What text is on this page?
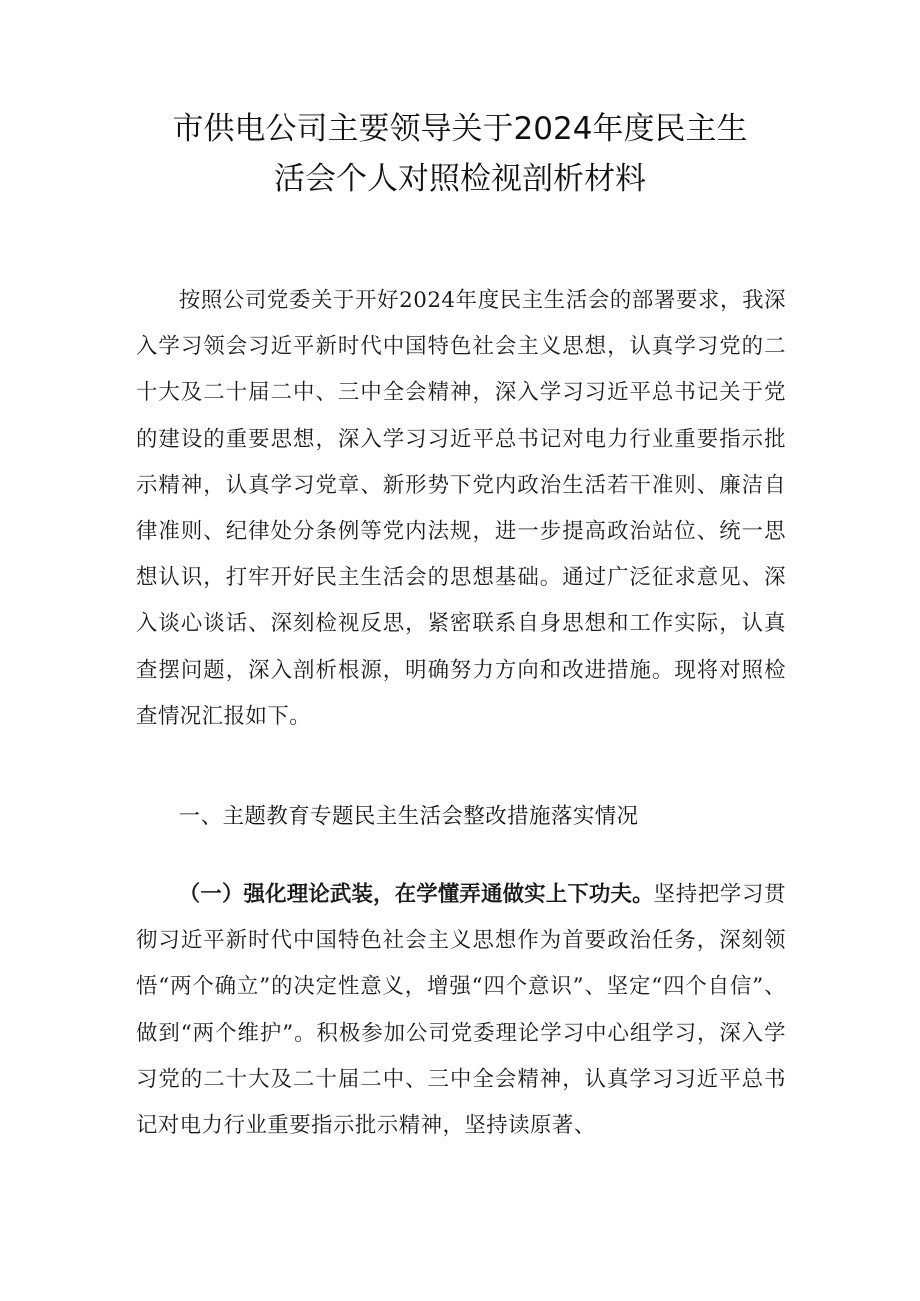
市供电公司主要领导关于2024年度民主生
活会个人对照检视剖析材料

按照公司党委关于开好2024年度民主生活会的部署要求，我深入学习领会习近平新时代中国特色社会主义思想，认真学习党的二十大及二十届二中、三中全会精神，深入学习习近平总书记关于党的建设的重要思想，深入学习习近平总书记对电力行业重要指示批示精神，认真学习党章、新形势下党内政治生活若干准则、廉洁自律准则、纪律处分条例等党内法规，进一步提高政治站位、统一思想认识，打牢开好民主生活会的思想基础。通过广泛征求意见、深入谈心谈话、深刻检视反思，紧密联系自身思想和工作实际，认真查摆问题，深入剖析根源，明确努力方向和改进措施。现将对照检查情况汇报如下。

一、主题教育专题民主生活会整改措施落实情况

（一）强化理论武装，在学懂弄通做实上下功夫。坚持把学习贯彻习近平新时代中国特色社会主义思想作为首要政治任务，深刻领悟“两个确立”的决定性意义，增强“四个意识”、坚定“四个自信”、做到“两个维护”。积极参加公司党委理论学习中心组学习，深入学习党的二十大及二十届二中、三中全会精神，认真学习习近平总书记对电力行业重要指示批示精神，坚持读原著、
